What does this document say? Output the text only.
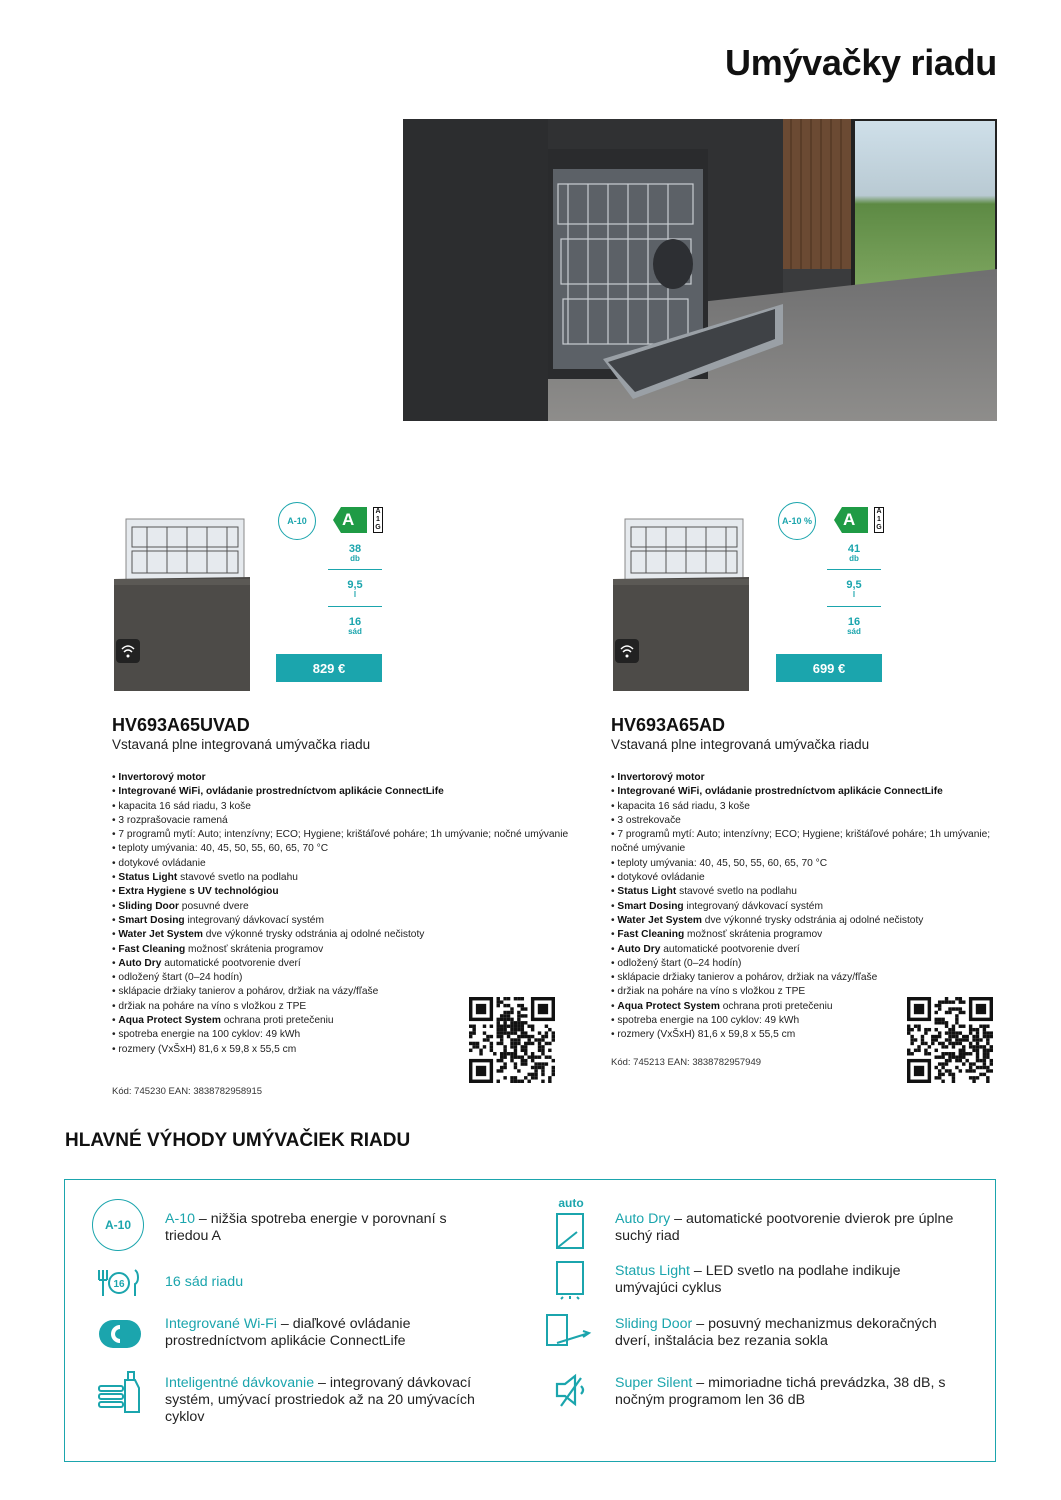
Umývačky riadu
A-10	A	A
1
G
38
db
9,5
l
16
sád
829 €
HV693A65UVAD
Vstavaná plne integrovaná umývačka riadu
• Invertorový motor
• Integrované WiFi, ovládanie prostredníctvom aplikácie ConnectLife
• kapacita 16 sád riadu, 3 koše
• 3 rozprašovacie ramená
• 7 programů mytí: Auto; intenzívny; ECO; Hygiene; krištáľové poháre; 1h umývanie; nočné umývanie
• teploty umývania: 40, 45, 50, 55, 60, 65, 70 °C
• dotykové ovládanie
• Status Light stavové svetlo na podlahu
• Extra Hygiene s UV technológiou
• Sliding Door posuvné dvere
• Smart Dosing integrovaný dávkovací systém
• Water Jet System dve výkonné trysky odstránia aj odolné nečistoty
• Fast Cleaning možnosť skrátenia programov
• Auto Dry automatické pootvorenie dverí
• odložený štart (0–24 hodín)
• sklápacie držiaky tanierov a pohárov, držiak na vázy/fľaše
• držiak na poháre na víno s vložkou z TPE
• Aqua Protect System ochrana proti pretečeniu
• spotreba energie na 100 cyklov: 49 kWh
• rozmery (VxŠxH) 81,6 x 59,8 x 55,5 cm
Kód: 745230 EAN: 3838782958915
A-10 % A	A
1
G
41
db
9,5
l
16
sád
699 €
HV693A65AD
Vstavaná plne integrovaná umývačka riadu
• Invertorový motor
• Integrované WiFi, ovládanie prostredníctvom aplikácie ConnectLife
• kapacita 16 sád riadu, 3 koše
• 3 ostrekovače
• 7 programů mytí: Auto; intenzívny; ECO; Hygiene; krištáľové poháre; 1h umývanie; nočné umývanie
• teploty umývania: 40, 45, 50, 55, 60, 65, 70 °C
• dotykové ovládanie
• Status Light stavové svetlo na podlahu
• Smart Dosing integrovaný dávkovací systém
• Water Jet System dve výkonné trysky odstránia aj odolné nečistoty
• Fast Cleaning možnosť skrátenia programov
• Auto Dry automatické pootvorenie dverí
• odložený štart (0–24 hodín)
• sklápacie držiaky tanierov a pohárov, držiak na vázy/fľaše
• držiak na poháre na víno s vložkou z TPE
• Aqua Protect System ochrana proti pretečeniu
• spotreba energie na 100 cyklov: 49 kWh
• rozmery (VxŠxH) 81,6 x 59,8 x 55,5 cm
Kód: 745213 EAN: 3838782957949
HLAVNÉ VÝHODY UMÝVAČIEK RIADU
A-10
16
A-10 – nižšia spotreba energie v porovnaní s triedou A
16 sád riadu
Integrované Wi-Fi – diaľkové ovládanie prostredníctvom aplikácie ConnectLife
Inteligentné dávkovanie – integrovaný dávkovací systém, umývací prostriedok až na 20 umývacích cyklov
auto
Auto Dry – automatické pootvorenie dvierok pre úplne suchý riad
Status Light – LED svetlo na podlahe indikuje umývajúci cyklus
Sliding Door – posuvný mechanizmus dekoračných dverí, inštalácia bez rezania sokla
Super Silent – mimoriadne tichá prevádzka, 38 dB, s nočným programom len 36 dB
